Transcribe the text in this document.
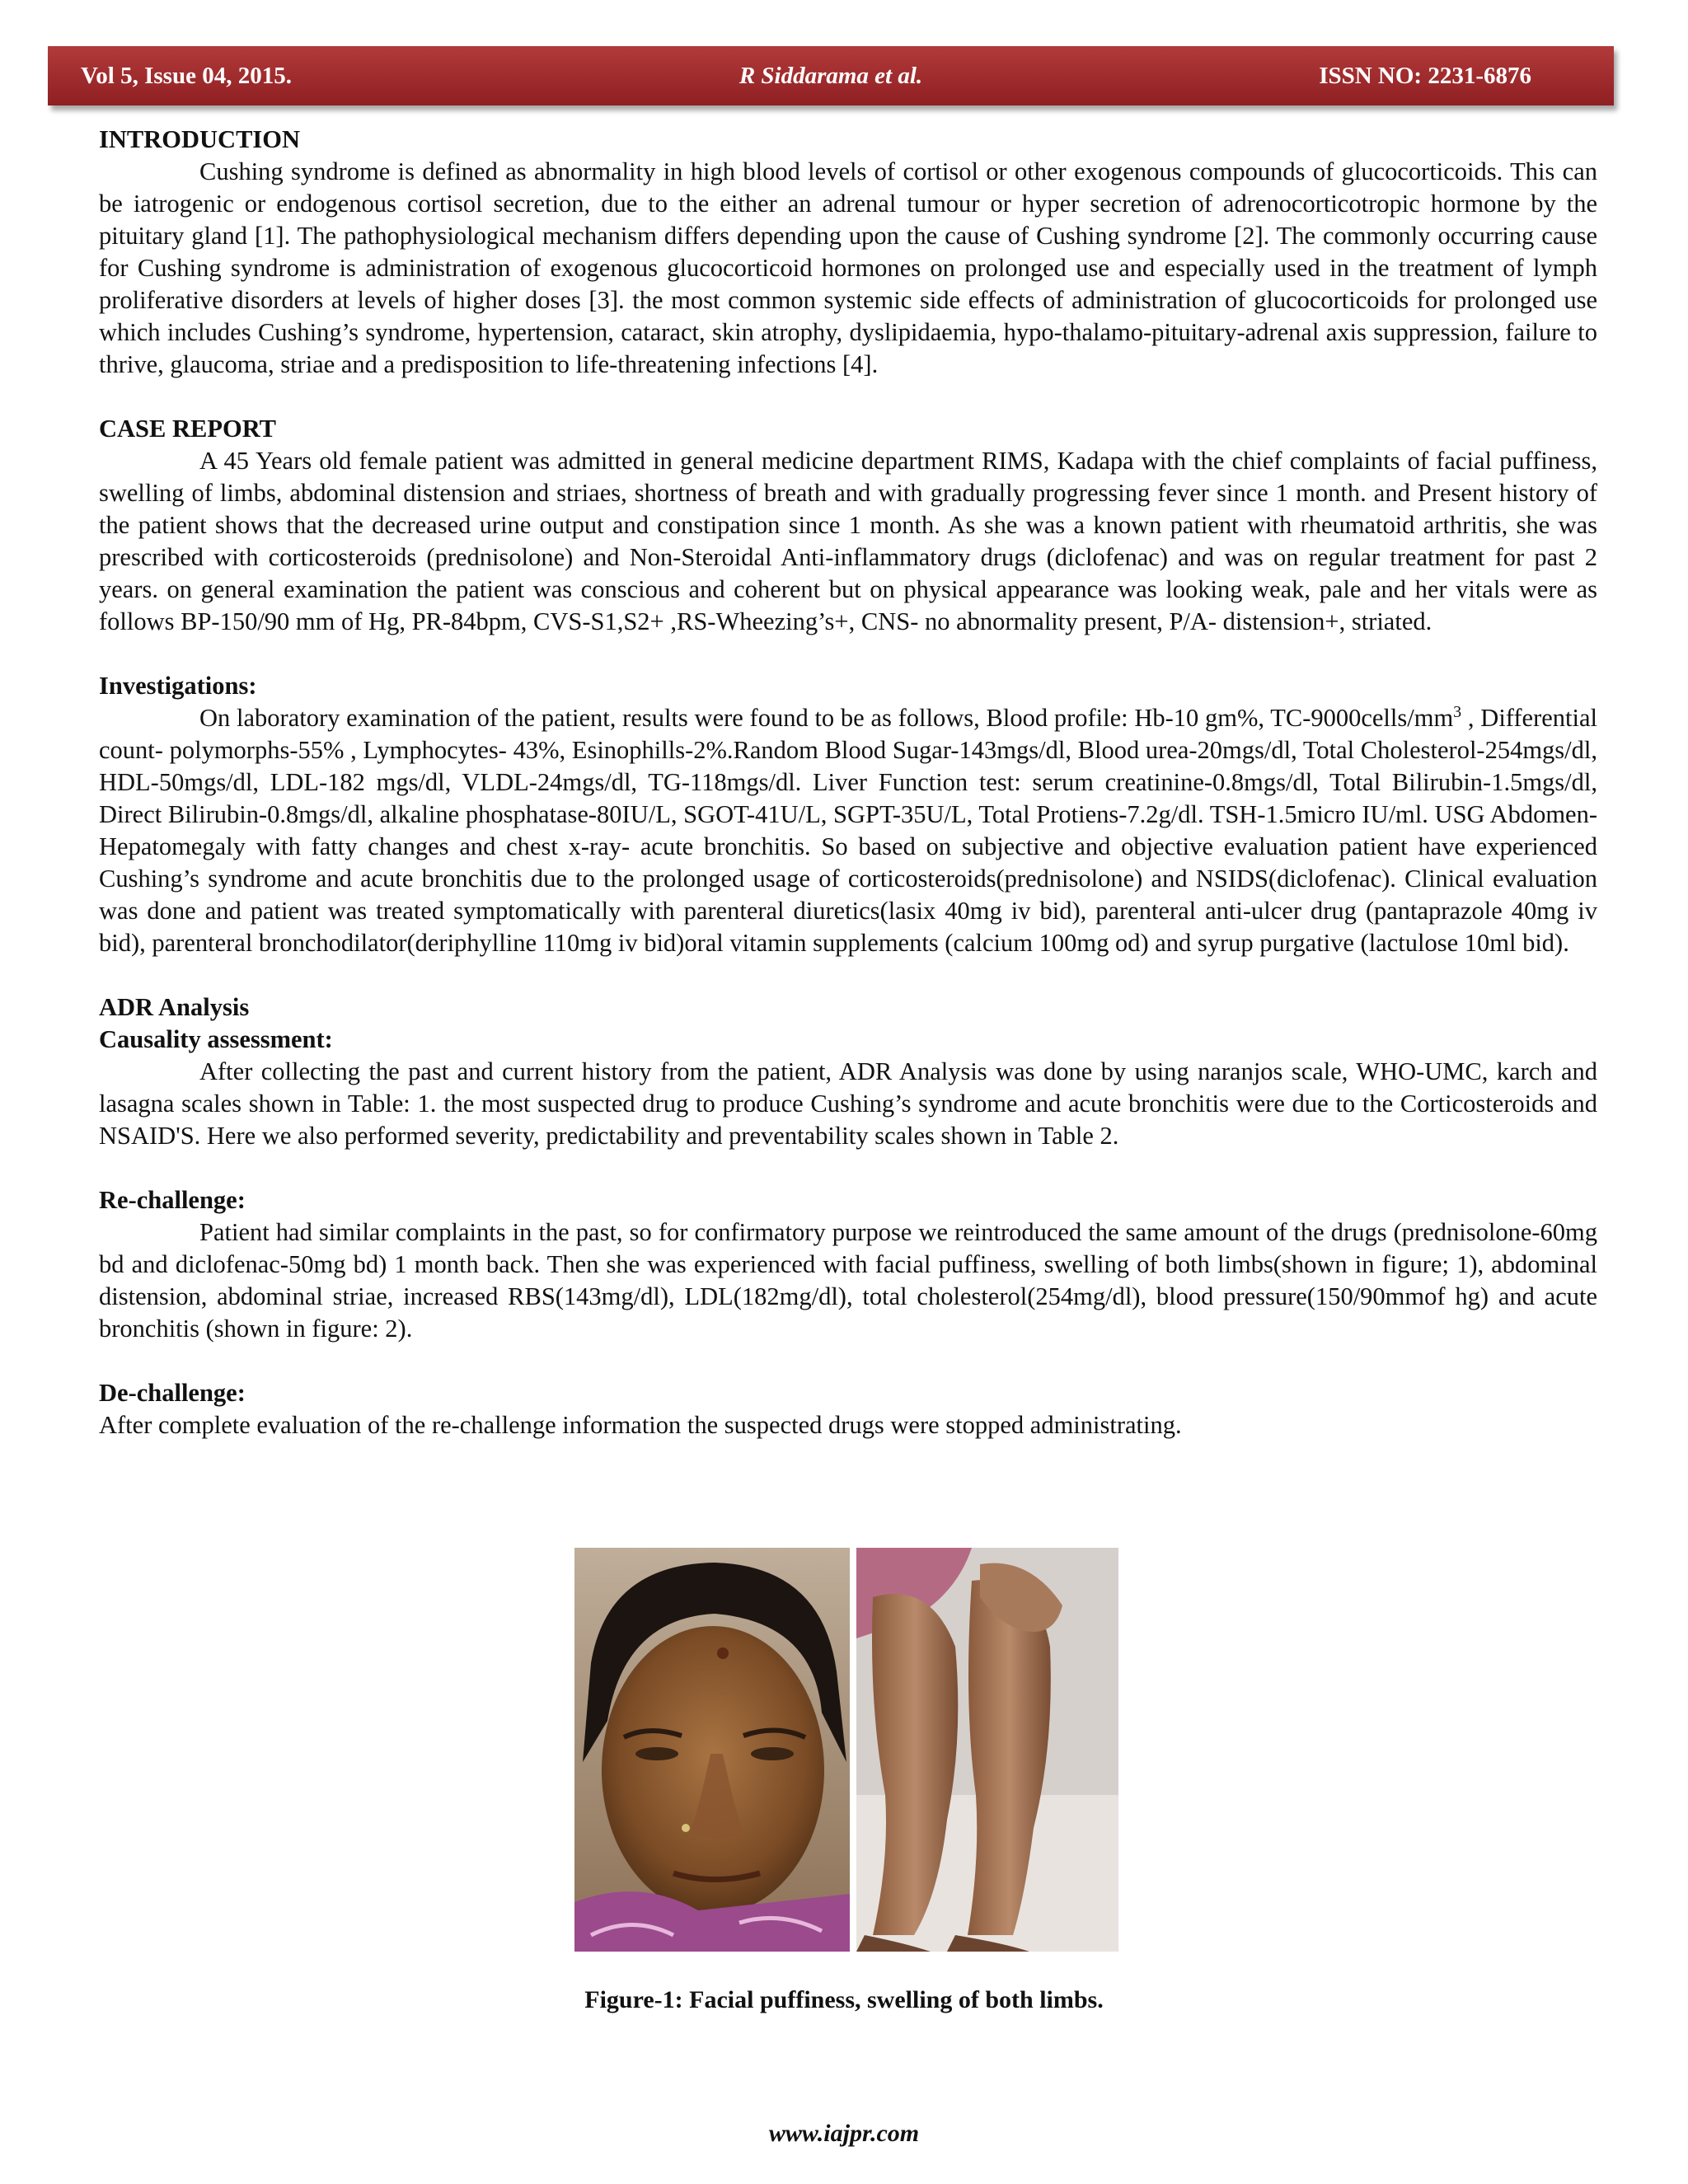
Vol 5, Issue 04, 2015.	R Siddarama et al.	ISSN NO: 2231-6876
INTRODUCTION

Cushing syndrome is defined as abnormality in high blood levels of cortisol or other exogenous compounds of glucocorticoids. This can be iatrogenic or endogenous cortisol secretion, due to the either an adrenal tumour or hyper secretion of adrenocorticotropic hormone by the pituitary gland [1]. The pathophysiological mechanism differs depending upon the cause of Cushing syndrome [2]. The commonly occurring cause for Cushing syndrome is administration of exogenous glucocorticoid hormones on prolonged use and especially used in the treatment of lymph proliferative disorders at levels of higher doses [3]. the most common systemic side effects of administration of glucocorticoids for prolonged use which includes Cushing’s syndrome, hypertension, cataract, skin atrophy, dyslipidaemia, hypo-thalamo-pituitary-adrenal axis suppression, failure to thrive, glaucoma, striae and a predisposition to life-threatening infections [4].

CASE REPORT

A 45 Years old female patient was admitted in general medicine department RIMS, Kadapa with the chief complaints of facial puffiness, swelling of limbs, abdominal distension and striaes, shortness of breath and with gradually progressing fever since 1 month. and Present history of the patient shows that the decreased urine output and constipation since 1 month. As she was a known patient with rheumatoid arthritis, she was prescribed with corticosteroids (prednisolone) and Non-Steroidal Anti-inflammatory drugs (diclofenac) and was on regular treatment for past 2 years. on general examination the patient was conscious and coherent but on physical appearance was looking weak, pale and her vitals were as follows BP-150/90 mm of Hg, PR-84bpm, CVS-S1,S2+ ,RS-Wheezing’s+, CNS- no abnormality present, P/A- distension+, striated.

Investigations:

On laboratory examination of the patient, results were found to be as follows, Blood profile: Hb-10 gm%, $TC-9000cells/mm^3$ , Differential count- polymorphs-55% , Lymphocytes- 43%, Esinophills-2%.Random Blood Sugar-143mgs/dl, Blood urea-20mgs/dl, Total Cholesterol-254mgs/dl, HDL-50mgs/dl, LDL-182 mgs/dl, VLDL-24mgs/dl, TG-118mgs/dl. Liver Function test: serum creatinine-0.8mgs/dl, Total Bilirubin-1.5mgs/dl, Direct Bilirubin-0.8mgs/dl, alkaline phosphatase-80IU/L, SGOT-41U/L, SGPT-35U/L, Total Protiens-7.2g/dl. TSH-1.5micro IU/ml. USG Abdomen- Hepatomegaly with fatty changes and chest x-ray- acute bronchitis. So based on subjective and objective evaluation patient have experienced Cushing’s syndrome and acute bronchitis due to the prolonged usage of corticosteroids(prednisolone) and NSIDS(diclofenac). Clinical evaluation was done and patient was treated symptomatically with parenteral diuretics(lasix 40mg iv bid), parenteral anti-ulcer drug (pantaprazole 40mg iv bid), parenteral bronchodilator(deriphylline 110mg iv bid)oral vitamin supplements (calcium 100mg od) and syrup purgative (lactulose 10ml bid).

ADR Analysis
Causality assessment:

After collecting the past and current history from the patient, ADR Analysis was done by using naranjos scale, WHO-UMC, karch and lasagna scales shown in Table: 1. the most suspected drug to produce Cushing’s syndrome and acute bronchitis were due to the Corticosteroids and NSAID'S. Here we also performed severity, predictability and preventability scales shown in Table 2.

Re-challenge:

Patient had similar complaints in the past, so for confirmatory purpose we reintroduced the same amount of the drugs (prednisolone-60mg bd and diclofenac-50mg bd) 1 month back. Then she was experienced with facial puffiness, swelling of both limbs(shown in figure; 1), abdominal distension, abdominal striae, increased RBS(143mg/dl), LDL(182mg/dl), total cholesterol(254mg/dl), blood pressure(150/90mmof hg) and acute bronchitis (shown in figure: 2).

De-challenge:

After complete evaluation of the re-challenge information the suspected drugs were stopped administrating.

Figure-1: Facial puffiness, swelling of both limbs.
www.iajpr.com
